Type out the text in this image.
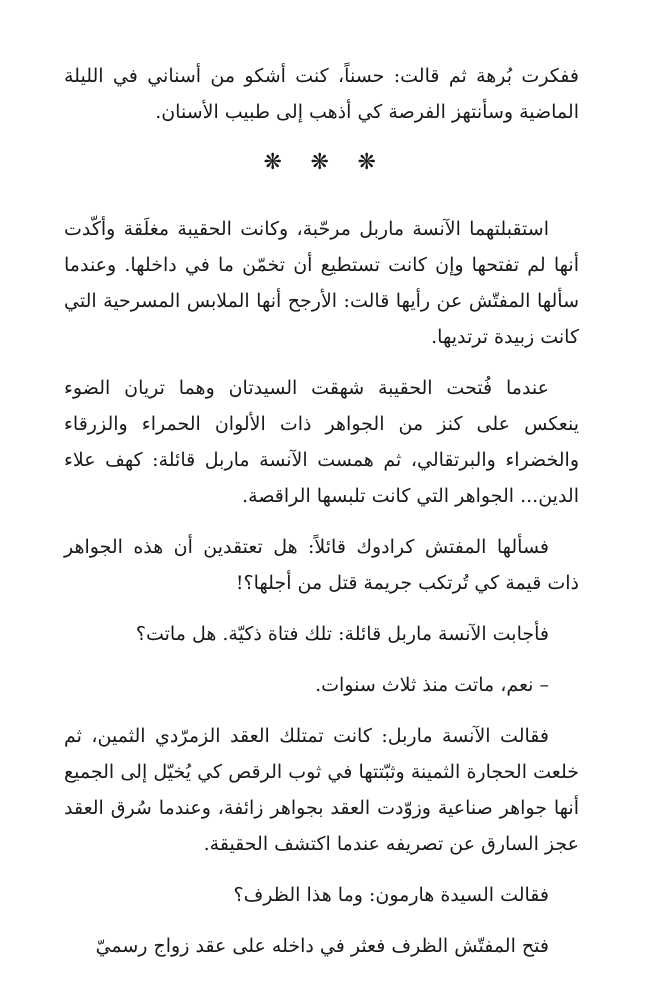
ففكرت بُرهة ثم قالت: حسناً، كنت أشكو من أسناني في الليلة الماضية وسأنتهز الفرصة كي أذهب إلى طبيب الأسنان.

❋ ❋ ❋

استقبلتهما الآنسة ماربل مرحّبة، وكانت الحقيبة مغلَقة وأكّدت أنها لم تفتحها وإن كانت تستطيع أن تخمّن ما في داخلها. وعندما سألها المفتّش عن رأيها قالت: الأرجح أنها الملابس المسرحية التي كانت زبيدة ترتديها.

عندما فُتحت الحقيبة شهقت السيدتان وهما تريان الضوء ينعكس على كنز من الجواهر ذات الألوان الحمراء والزرقاء والخضراء والبرتقالي، ثم همست الآنسة ماربل قائلة: كهف علاء الدين... الجواهر التي كانت تلبسها الراقصة.

فسألها المفتش كرادوك قائلاً: هل تعتقدين أن هذه الجواهر ذات قيمة كي تُرتكب جريمة قتل من أجلها؟!

فأجابت الآنسة ماربل قائلة: تلك فتاة ذكيّة. هل ماتت؟

– نعم، ماتت منذ ثلاث سنوات.

فقالت الآنسة ماربل: كانت تمتلك العقد الزمرّدي الثمين، ثم خلعت الحجارة الثمينة وثبّتتها في ثوب الرقص كي يُخيّل إلى الجميع أنها جواهر صناعية وزوّدت العقد بجواهر زائفة، وعندما سُرق العقد عجز السارق عن تصريفه عندما اكتشف الحقيقة.

فقالت السيدة هارمون: وما هذا الظرف؟

فتح المفتّش الظرف فعثر في داخله على عقد زواج رسميّ
